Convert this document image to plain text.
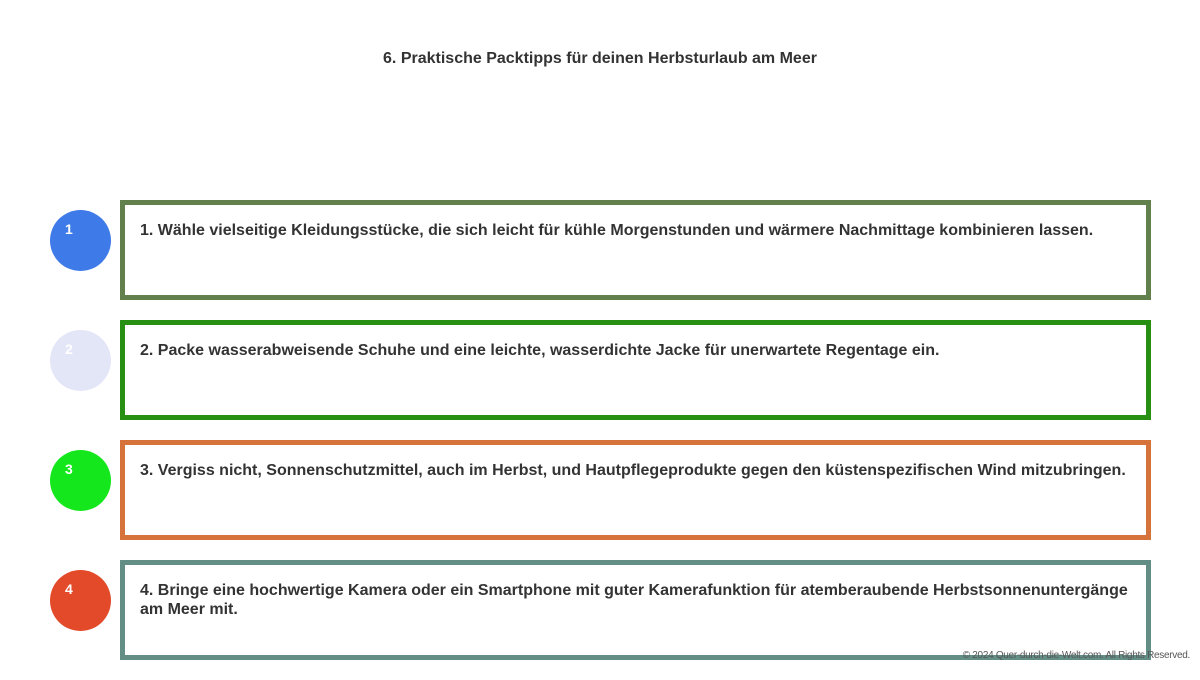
6. Praktische Packtipps für deinen Herbsturlaub am Meer
1	1. Wähle vielseitige Kleidungsstücke, die sich leicht für kühle Morgenstunden und wärmere Nachmittage kombinieren lassen.
2	2. Packe wasserabweisende Schuhe und eine leichte, wasserdichte Jacke für unerwartete Regentage ein.
3	3. Vergiss nicht, Sonnenschutzmittel, auch im Herbst, und Hautpflegeprodukte gegen den küstenspezifischen Wind mitzubringen.
4	4. Bringe eine hochwertige Kamera oder ein Smartphone mit guter Kamerafunktion für atemberaubende Herbstsonnenuntergänge am Meer mit.
© 2024 Quer-durch-die-Welt.com. All Rights Reserved.
